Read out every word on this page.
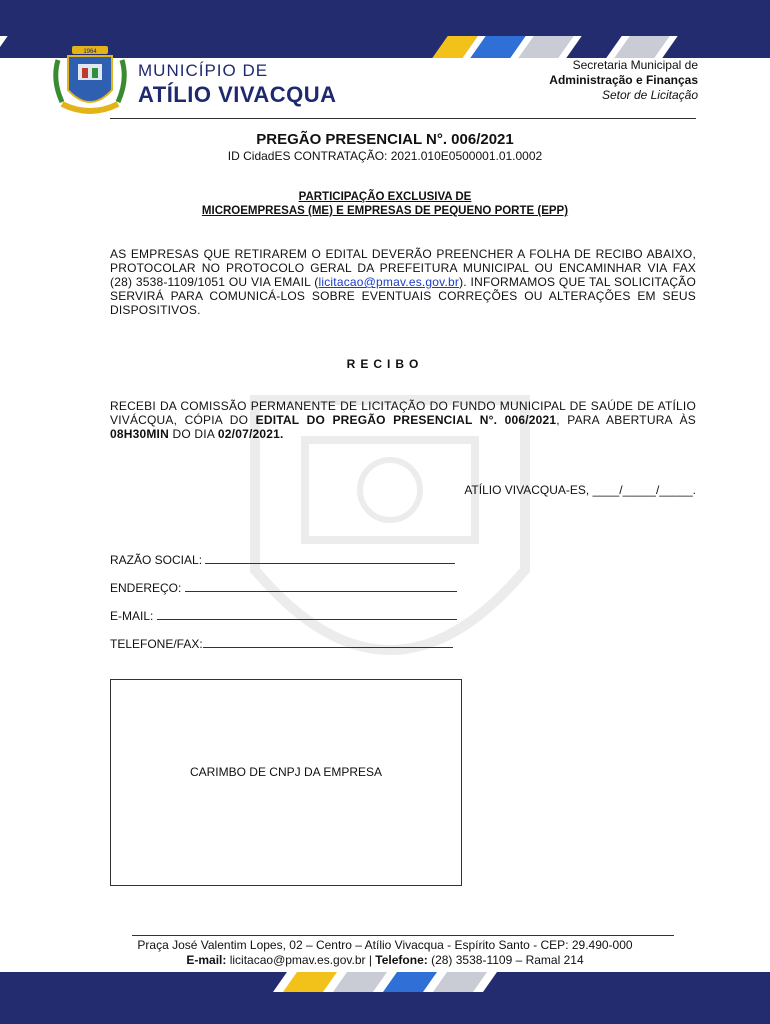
1964
MUNICÍPIO DE
ATÍLIO VIVACQUA
Secretaria Municipal de
Administração e Finanças
Setor de Licitação
PREGÃO PRESENCIAL N°. 006/2021
ID CidadES CONTRATAÇÃO: 2021.010E0500001.01.0002
PARTICIPAÇÃO EXCLUSIVA DE
MICROEMPRESAS (ME) E EMPRESAS DE PEQUENO PORTE (EPP)
AS EMPRESAS QUE RETIRAREM O EDITAL DEVERÃO PREENCHER A FOLHA DE RECIBO ABAIXO, PROTOCOLAR NO PROTOCOLO GERAL DA PREFEITURA MUNICIPAL OU ENCAMINHAR VIA FAX (28) 3538-1109/1051 OU VIA EMAIL (licitacao@pmav.es.gov.br). INFORMAMOS QUE TAL SOLICITAÇÃO SERVIRÁ PARA COMUNICÁ-LOS SOBRE EVENTUAIS CORREÇÕES OU ALTERAÇÕES EM SEUS DISPOSITIVOS.
RECIBO
RECEBI DA COMISSÃO PERMANENTE DE LICITAÇÃO DO FUNDO MUNICIPAL DE SAÚDE DE ATÍLIO VIVÁCQUA, CÓPIA DO EDITAL DO PREGÃO PRESENCIAL N°. 006/2021, PARA ABERTURA ÀS 08H30MIN DO DIA 02/07/2021.
ATÍLIO VIVACQUA-ES, ____/_____/_____.
RAZÃO SOCIAL:
ENDEREÇO:
E-MAIL:
TELEFONE/FAX:
CARIMBO DE CNPJ DA EMPRESA
Praça José Valentim Lopes, 02 – Centro – Atílio Vivacqua - Espírito Santo - CEP: 29.490-000
E-mail: licitacao@pmav.es.gov.br | Telefone: (28) 3538-1109 – Ramal 214
